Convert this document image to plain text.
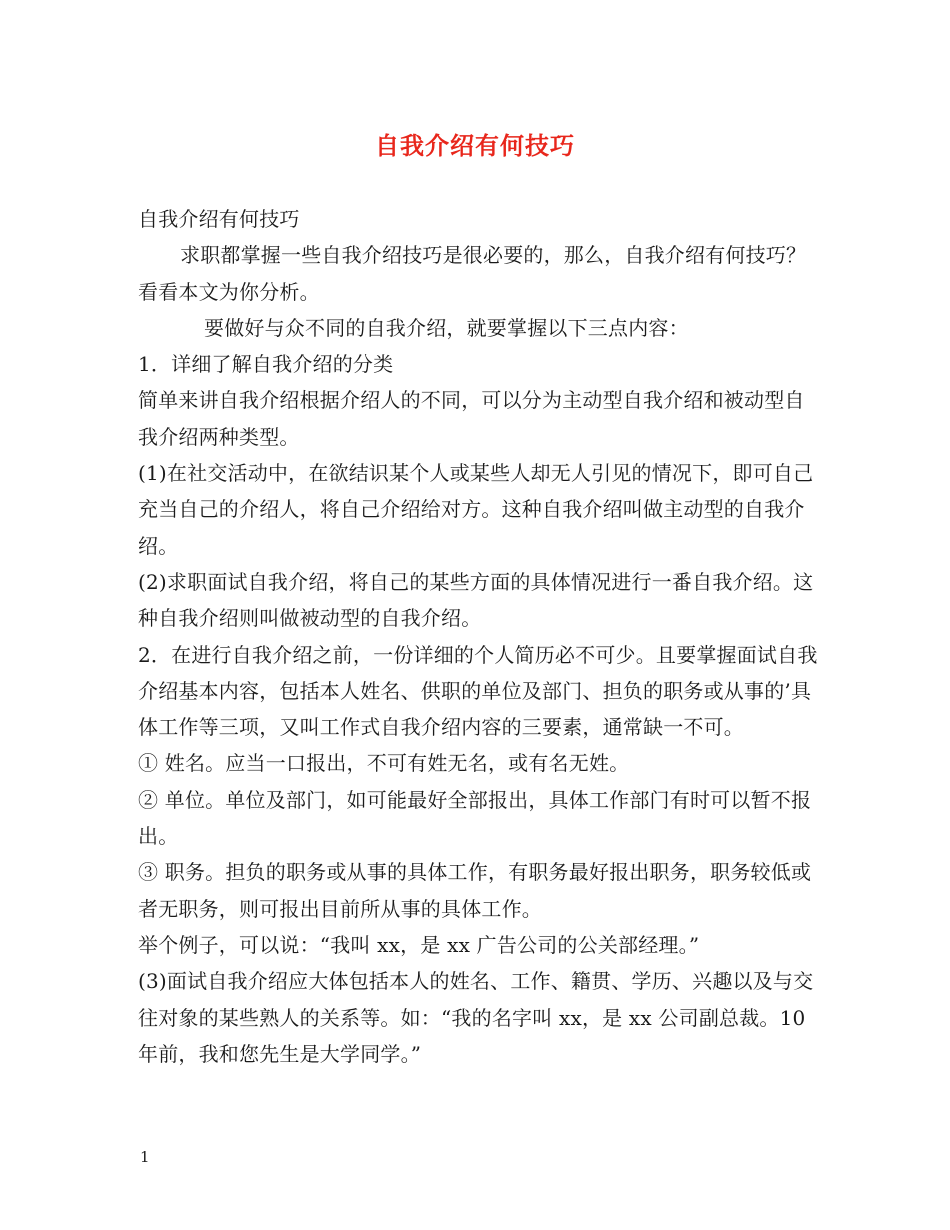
自我介绍有何技巧

自我介绍有何技巧

求职都掌握一些自我介绍技巧是很必要的，那么，自我介绍有何技巧？看看本文为你分析。

要做好与众不同的自我介绍，就要掌握以下三点内容：

1．详细了解自我介绍的分类

简单来讲自我介绍根据介绍人的不同，可以分为主动型自我介绍和被动型自我介绍两种类型。

(1)在社交活动中，在欲结识某个人或某些人却无人引见的情况下，即可自己充当自己的介绍人，将自己介绍给对方。这种自我介绍叫做主动型的自我介绍。

(2)求职面试自我介绍，将自己的某些方面的具体情况进行一番自我介绍。这种自我介绍则叫做被动型的自我介绍。

2．在进行自我介绍之前，一份详细的个人简历必不可少。且要掌握面试自我介绍基本内容，包括本人姓名、供职的单位及部门、担负的职务或从事的’具体工作等三项，又叫工作式自我介绍内容的三要素，通常缺一不可。

① 姓名。应当一口报出，不可有姓无名，或有名无姓。

② 单位。单位及部门，如可能最好全部报出，具体工作部门有时可以暂不报出。

③ 职务。担负的职务或从事的具体工作，有职务最好报出职务，职务较低或者无职务，则可报出目前所从事的具体工作。

举个例子，可以说：“我叫 xx，是 xx 广告公司的公关部经理。”

(3)面试自我介绍应大体包括本人的姓名、工作、籍贯、学历、兴趣以及与交往对象的某些熟人的关系等。如：“我的名字叫 xx，是 xx 公司副总裁。10 年前，我和您先生是大学同学。”

1
